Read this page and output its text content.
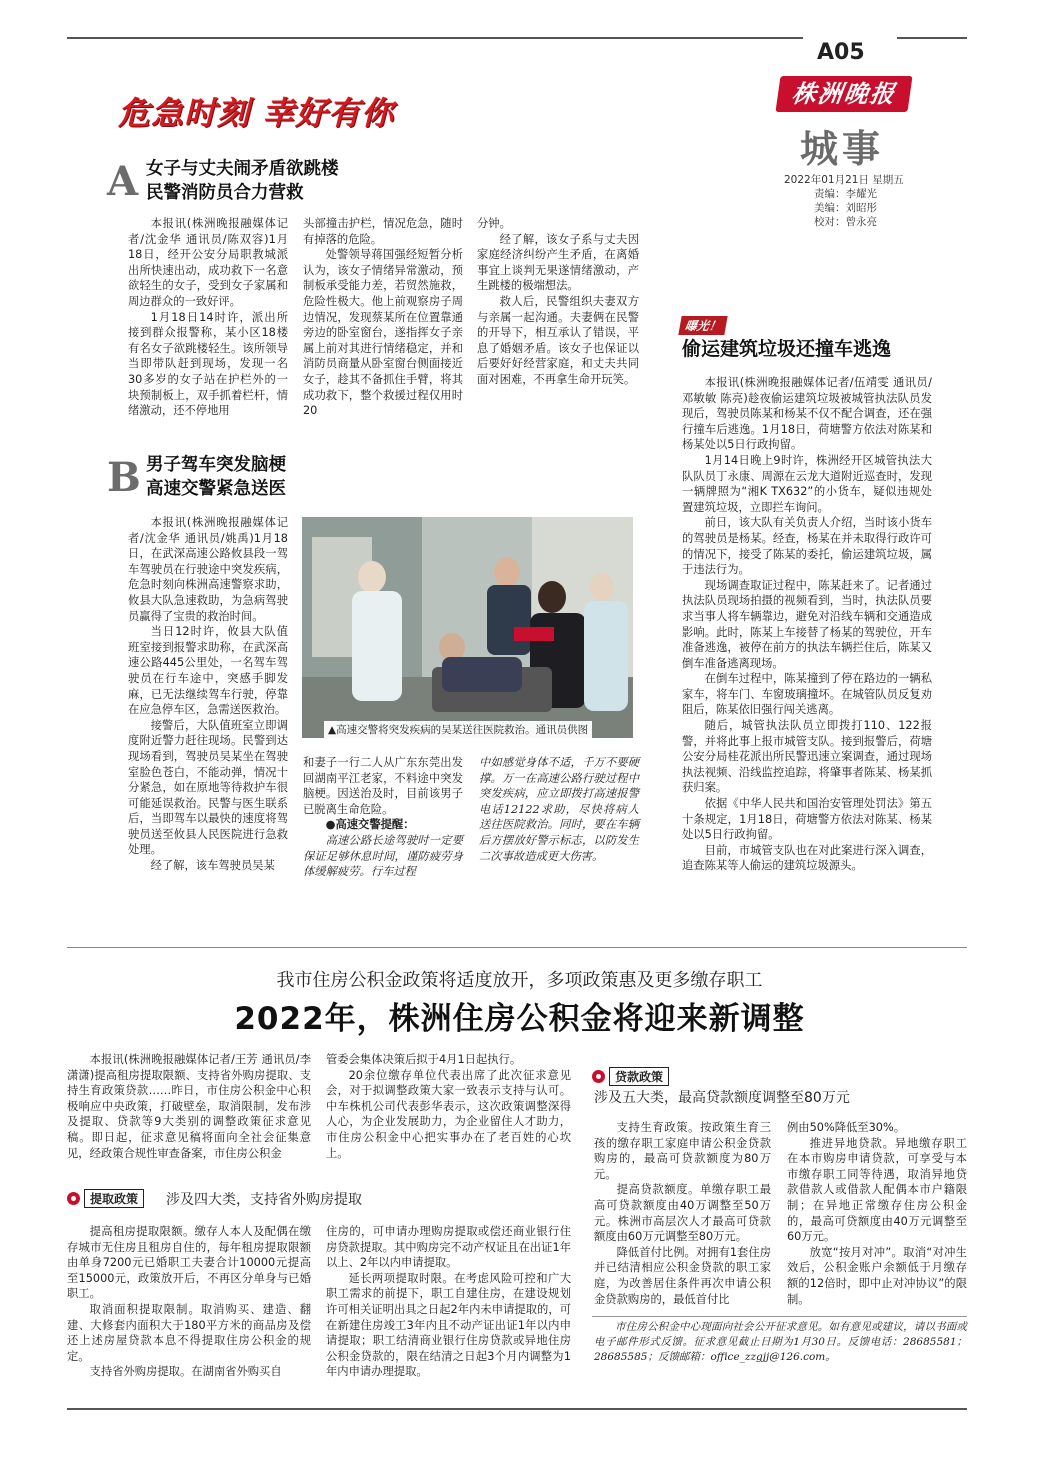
A05
株洲晚报
城事
2022年01月21日 星期五
责编：李耀光
美编：刘昭彤
校对：曾永亮
危急时刻 幸好有你
A 女子与丈夫闹矛盾欲跳楼
民警消防员合力营救

本报讯(株洲晚报融媒体记者/沈金华 通讯员/陈双容)1月18日，经开公安分局职教城派出所快速出动，成功救下一名意欲轻生的女子，受到女子家属和周边群众的一致好评。

1月18日14时许，派出所接到群众报警称，某小区18楼有名女子欲跳楼轻生。该所领导当即带队赶到现场，发现一名30多岁的女子站在护栏外的一块预制板上，双手抓着栏杆，情绪激动，还不停地用

头部撞击护栏，情况危急，随时有掉落的危险。

处警领导蒋国强经短暂分析认为，该女子情绪异常激动，预制板承受能力差，若贸然施救，危险性极大。他上前观察房子周边情况，发现蔡某所在位置靠通旁边的卧室窗台，遂指挥女子亲属上前对其进行情绪稳定，并和消防员商量从卧室窗台侧面接近女子，趁其不备抓住手臂，将其成功救下，整个救援过程仅用时20

分钟。

经了解，该女子系与丈夫因家庭经济纠纷产生矛盾，在离婚事宜上谈判无果遂情绪激动，产生跳楼的极端想法。

救人后，民警组织夫妻双方与亲属一起沟通。夫妻俩在民警的开导下，相互承认了错误，平息了婚姻矛盾。该女子也保证以后要好好经营家庭，和丈夫共同面对困难，不再拿生命开玩笑。

B 男子驾车突发脑梗
高速交警紧急送医

本报讯(株洲晚报融媒体记者/沈金华 通讯员/姚禹)1月18日，在武深高速公路攸县段一驾车驾驶员在行驶途中突发疾病，危急时刻向株洲高速警察求助，攸县大队急速救助，为急病驾驶员赢得了宝贵的救治时间。

当日12时许，攸县大队值班室接到报警求助称，在武深高速公路445公里处，一名驾车驾驶员在行车途中，突感手脚发麻，已无法继续驾车行驶，停靠在应急停车区，急需送医救治。

接警后，大队值班室立即调度附近警力赶往现场。民警到达现场看到，驾驶员吴某坐在驾驶室脸色苍白，不能动弹，情况十分紧急，如在原地等待救护车很可能延误救治。民警与医生联系后，当即驾车以最快的速度将驾驶员送至攸县人民医院进行急救处理。

经了解，该车驾驶员吴某

▲高速交警将突发疾病的吴某送往医院救治。通讯员供图

和妻子一行二人从广东东莞出发回湖南平江老家，不料途中突发脑梗。因送治及时，目前该男子已脱离生命危险。

●高速交警提醒：

高速公路长途驾驶时一定要保证足够休息时间，谨防疲劳身体缓解疲劳。行车过程

中如感觉身体不适，千万不要硬撑。万一在高速公路行驶过程中突发疾病，应立即拨打高速报警电话12122求助，尽快将病人送往医院救治。同时，要在车辆后方摆放好警示标志，以防发生二次事故造成更大伤害。

曝光！
偷运建筑垃圾还撞车逃逸

本报讯(株洲晚报融媒体记者/伍靖雯 通讯员/邓敏敏 陈亮)趁夜偷运建筑垃圾被城管执法队员发现后，驾驶员陈某和杨某不仅不配合调查，还在强行撞车后逃逸。1月18日，荷塘警方依法对陈某和杨某处以5日行政拘留。

1月14日晚上9时许，株洲经开区城管执法大队队员丁永康、周源在云龙大道附近巡查时，发现一辆牌照为“湘K TX632”的小货车，疑似违规处置建筑垃圾，立即拦车询问。

前日，该大队有关负责人介绍，当时该小货车的驾驶员是杨某。经查，杨某在并未取得行政许可的情况下，接受了陈某的委托，偷运建筑垃圾，属于违法行为。

现场调查取证过程中，陈某赶来了。记者通过执法队员现场拍摄的视频看到，当时，执法队员要求当事人将车辆靠边，避免对沿线车辆和交通造成影响。此时，陈某上车接替了杨某的驾驶位，开车准备逃逸，被停在前方的执法车辆拦住后，陈某又倒车准备逃离现场。

在倒车过程中，陈某撞到了停在路边的一辆私家车，将车门、车窗玻璃撞坏。在城管队员反复劝阻后，陈某依旧强行闯关逃离。

随后，城管执法队员立即拨打110、122报警，并将此事上报市城管支队。接到报警后，荷塘公安分局桂花派出所民警迅速立案调查，通过现场执法视频、沿线监控追踪，将肇事者陈某、杨某抓获归案。

依据《中华人民共和国治安管理处罚法》第五十条规定，1月18日，荷塘警方依法对陈某、杨某处以5日行政拘留。

目前，市城管支队也在对此案进行深入调查，追查陈某等人偷运的建筑垃圾源头。

我市住房公积金政策将适度放开，多项政策惠及更多缴存职工
2022年，株洲住房公积金将迎来新调整

本报讯(株洲晚报融媒体记者/王芳 通讯员/李潇潇)提高租房提取限额、支持省外购房提取、支持生育政策贷款……昨日，市住房公积金中心积极响应中央政策，打破壁垒，取消限制，发布涉及提取、贷款等9大类别的调整政策征求意见稿。即日起，征求意见稿将面向全社会征集意见，经政策合规性审查备案，市住房公积金

管委会集体决策后拟于4月1日起执行。

20余位缴存单位代表出席了此次征求意见会，对于拟调整政策大家一致表示支持与认可。中车株机公司代表彭华表示，这次政策调整深得人心，为企业发展助力，为企业留住人才助力，市住房公积金中心把实事办在了老百姓的心坎上。

提取政策	涉及四大类，支持省外购房提取

提高租房提取限额。缴存人本人及配偶在缴存城市无住房且租房自住的，每年租房提取限额由单身7200元已婚职工夫妻合计10000元提高至15000元，政策放开后，不再区分单身与已婚职工。

取消面积提取限制。取消购买、建造、翻建、大修套内面积大于180平方米的商品房及偿还上述房屋贷款本息不得提取住房公积金的规定。

支持省外购房提取。在湖南省外购买自

住房的，可申请办理购房提取或偿还商业银行住房贷款提取。其中购房完不动产权证且在出证1年以上、2年以内申请提取。

延长两项提取时限。在考虑风险可控和广大职工需求的前提下，职工自建住房，在建设规划许可相关证明出具之日起2年内未申请提取的，可在新建住房竣工3年内且不动产证出证1年以内申请提取；职工结清商业银行住房贷款或异地住房公积金贷款的，限在结清之日起3个月内调整为1年内申请办理提取。

贷款政策
涉及五大类，最高贷款额度调整至80万元

支持生育政策。按政策生育三孩的缴存职工家庭申请公积金贷款购房的，最高可贷款额度为80万元。

提高贷款额度。单缴存职工最高可贷款额度由40万调整至50万元。株洲市高层次人才最高可贷款额度由60万元调整至80万元。

降低首付比例。对拥有1套住房并已结清相应公积金贷款的职工家庭，为改善居住条件再次申请公积金贷款购房的，最低首付比

例由50%降低至30%。

推进异地贷款。异地缴存职工在本市购房申请贷款，可享受与本市缴存职工同等待遇，取消异地贷款借款人或借款人配偶本市户籍限制；在异地正常缴存住房公积金的，最高可贷额度由40万元调整至60万元。

放宽“按月对冲”。取消“对冲生效后，公积金账户余额低于月缴存额的12倍时，即中止对冲协议”的限制。

市住房公积金中心现面向社会公开征求意见。如有意见或建议，请以书面或电子邮件形式反馈。征求意见截止日期为1月30日。反馈电话：28685581；28685585；反馈邮箱：office_zzgjj@126.com。
